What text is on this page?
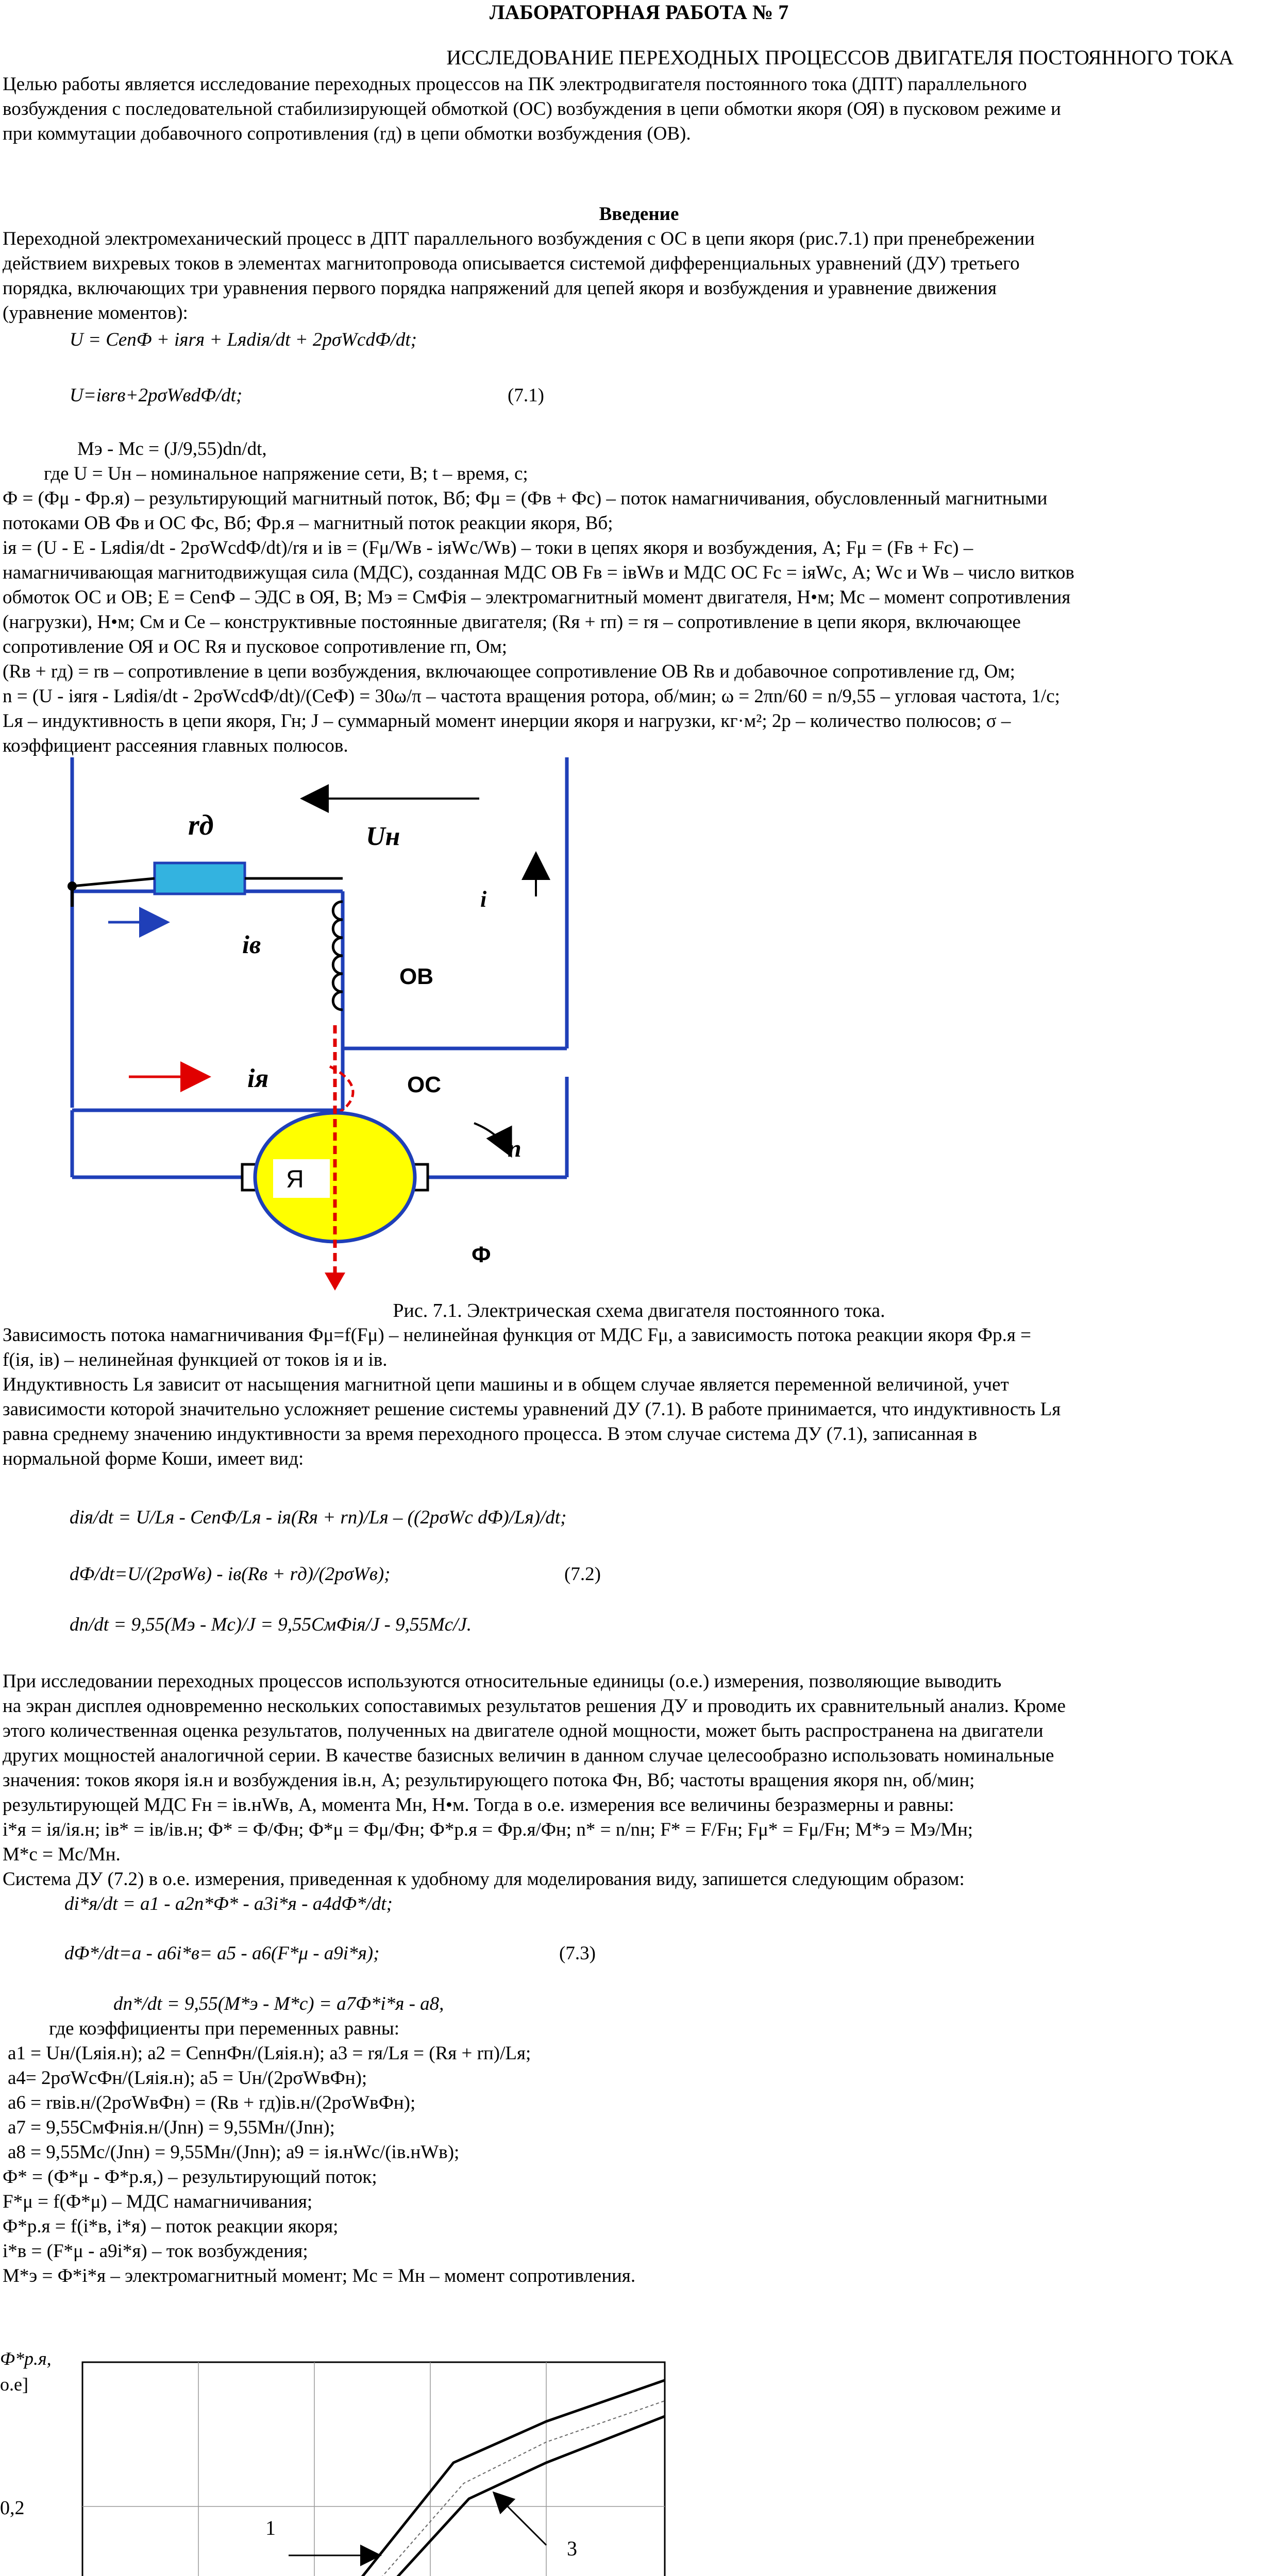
ЛАБОРАТОРНАЯ РАБОТА № 7
ИССЛЕДОВАНИЕ ПЕРЕХОДНЫХ ПРОЦЕССОВ ДВИГАТЕЛЯ ПОСТОЯННОГО ТОКА
Целью работы является исследование переходных процессов на ПК электродвигателя постоянного тока (ДПТ) параллельного
возбуждения с последовательной стабилизирующей обмоткой (ОС) возбуждения в цепи обмотки якоря (ОЯ) в пусковом режиме и
при коммутации добавочного сопротивления (rд) в цепи обмотки возбуждения (ОВ).
Введение
Переходной электромеханический процесс в ДПТ параллельного возбуждения с ОС в цепи якоря (рис.7.1) при пренебрежении
действием вихревых токов в элементах магнитопровода описывается системой дифференциальных уравнений (ДУ) третьего
порядка, включающих три уравнения первого порядка напряжений для цепей якоря и возбуждения и уравнение движения
(уравнение моментов):
U = CenФ + iяrя + Lяdiя/dt + 2pσWсdФ/dt;
U=iвrв+2pσWвdФ/dt;	(7.1)
Mэ - Mс = (J/9,55)dn/dt,
где U = Uн – номинальное напряжение сети, В; t – время, с;
Ф = (Фμ - Фр.я) – результирующий магнитный поток, Вб; Фμ = (Фв + Фс) – поток намагничивания, обусловленный магнитными
потоками ОВ Фв и ОС Фс, Вб; Фр.я – магнитный поток реакции якоря, Вб;
iя = (U - E - Lяdiя/dt - 2pσWсdФ/dt)/rя и iв = (Fμ/Wв - iяWс/Wв) – токи в цепях якоря и возбуждения, А; Fμ = (Fв + Fс) –
намагничивающая магнитодвижущая сила (МДС), созданная МДС ОВ Fв = iвWв и МДС ОС Fс = iяWс, А; Wс и Wв – число витков
обмоток ОС и ОВ; E = CenФ – ЭДС в ОЯ, В; Mэ = CмФiя – электромагнитный момент двигателя, Н•м; Mс – момент сопротивления
(нагрузки), Н•м; Cм и Ce – конструктивные постоянные двигателя; (Rя + rп) = rя – сопротивление в цепи якоря, включающее
сопротивление ОЯ и ОС Rя и пусковое сопротивление rп, Ом;
(Rв + rд) = rв – сопротивление в цепи возбуждения, включающее сопротивление ОВ Rв и добавочное сопротивление rд, Ом;
n = (U - iяrя - Lяdiя/dt - 2pσWсdФ/dt)/(CeФ) = 30ω/π – частота вращения ротора, об/мин; ω = 2πn/60 = n/9,55 – угловая частота, 1/с;
Lя – индуктивность в цепи якоря, Гн; J – суммарный момент инерции якоря и нагрузки, кг·м²; 2p – количество полюсов; σ –
коэффициент рассеяния главных полюсов.
rд	Uн
i
iв
ОВ
iя	ОС
n
Я
Ф
Рис. 7.1. Электрическая схема двигателя постоянного тока.
Зависимость потока намагничивания Фμ=f(Fμ) – нелинейная функция от МДС Fμ, а зависимость потока реакции якоря Фр.я =
f(iя, iв) – нелинейная функцией от токов iя и iв.
Индуктивность Lя зависит от насыщения магнитной цепи машины и в общем случае является переменной величиной, учет
зависимости которой значительно усложняет решение системы уравнений ДУ (7.1). В работе принимается, что индуктивность Lя
равна среднему значению индуктивности за время переходного процесса. В этом случае система ДУ (7.1), записанная в
нормальной форме Коши, имеет вид:
diя/dt = U/Lя - CenФ/Lя - iя(Rя + rп)/Lя – ((2pσWс dФ)/Lя)/dt;
dФ/dt=U/(2pσWв) - iв(Rв + rд)/(2pσWв);	(7.2)
dn/dt = 9,55(Mэ - Mс)/J = 9,55CмФiя/J - 9,55Mс/J.
При исследовании переходных процессов используются относительные единицы (о.е.) измерения, позволяющие выводить
на экран дисплея одновременно нескольких сопоставимых результатов решения ДУ и проводить их сравнительный анализ. Кроме
этого количественная оценка результатов, полученных на двигателе одной мощности, может быть распространена на двигатели
других мощностей аналогичной серии. В качестве базисных величин в данном случае целесообразно использовать номинальные
значения: токов якоря iя.н и возбуждения iв.н, А; результирующего потока Фн, Вб; частоты вращения якоря nн, об/мин;
результирующей МДС Fн = iв.нWв, А, момента Mн, Н•м. Тогда в о.е. измерения все величины безразмерны и равны:
i*я = iя/iя.н; iв* = iв/iв.н; Ф* = Ф/Фн; Ф*μ = Фμ/Фн; Ф*р.я = Фр.я/Фн; n* = n/nн; F* = F/Fн; Fμ* = Fμ/Fн; M*э = Mэ/Mн;
M*с = Mс/Mн.
Система ДУ (7.2) в о.е. измерения, приведенная к удобному для моделирования виду, запишется следующим образом:
di*я/dt = a1 - a2n*Ф* - a3i*я - a4dФ*/dt;
dФ*/dt=a - a6i*в= a5 - a6(F*μ - a9i*я);	(7.3)
dn*/dt = 9,55(M*э - M*с) = a7Ф*i*я - a8,
где коэффициенты при переменных равны:
a1 = Uн/(Lяiя.н); a2 = CenнФн/(Lяiя.н); a3 = rя/Lя = (Rя + rп)/Lя;
a4= 2pσWсФн/(Lяiя.н); a5 = Uн/(2pσWвФн);
a6 = rвiв.н/(2pσWвФн) = (Rв + rд)iв.н/(2pσWвФн);
a7 = 9,55CмФнiя.н/(Jnн) = 9,55Mн/(Jnн);
a8 = 9,55Mс/(Jnн) = 9,55Mн/(Jnн); a9 = iя.нWс/(iв.нWв);
Ф* = (Ф*μ - Ф*р.я,) – результирующий поток;
F*μ = f(Ф*μ) – МДС намагничивания;
Ф*р.я = f(i*в, i*я) – поток реакции якоря;
i*в = (F*μ - a9i*я) – ток возбуждения;
M*э = Ф*i*я – электромагнитный момент; Mс = Mн – момент сопротивления.
1
3
Ф*р.я,
о.е]
0,2
